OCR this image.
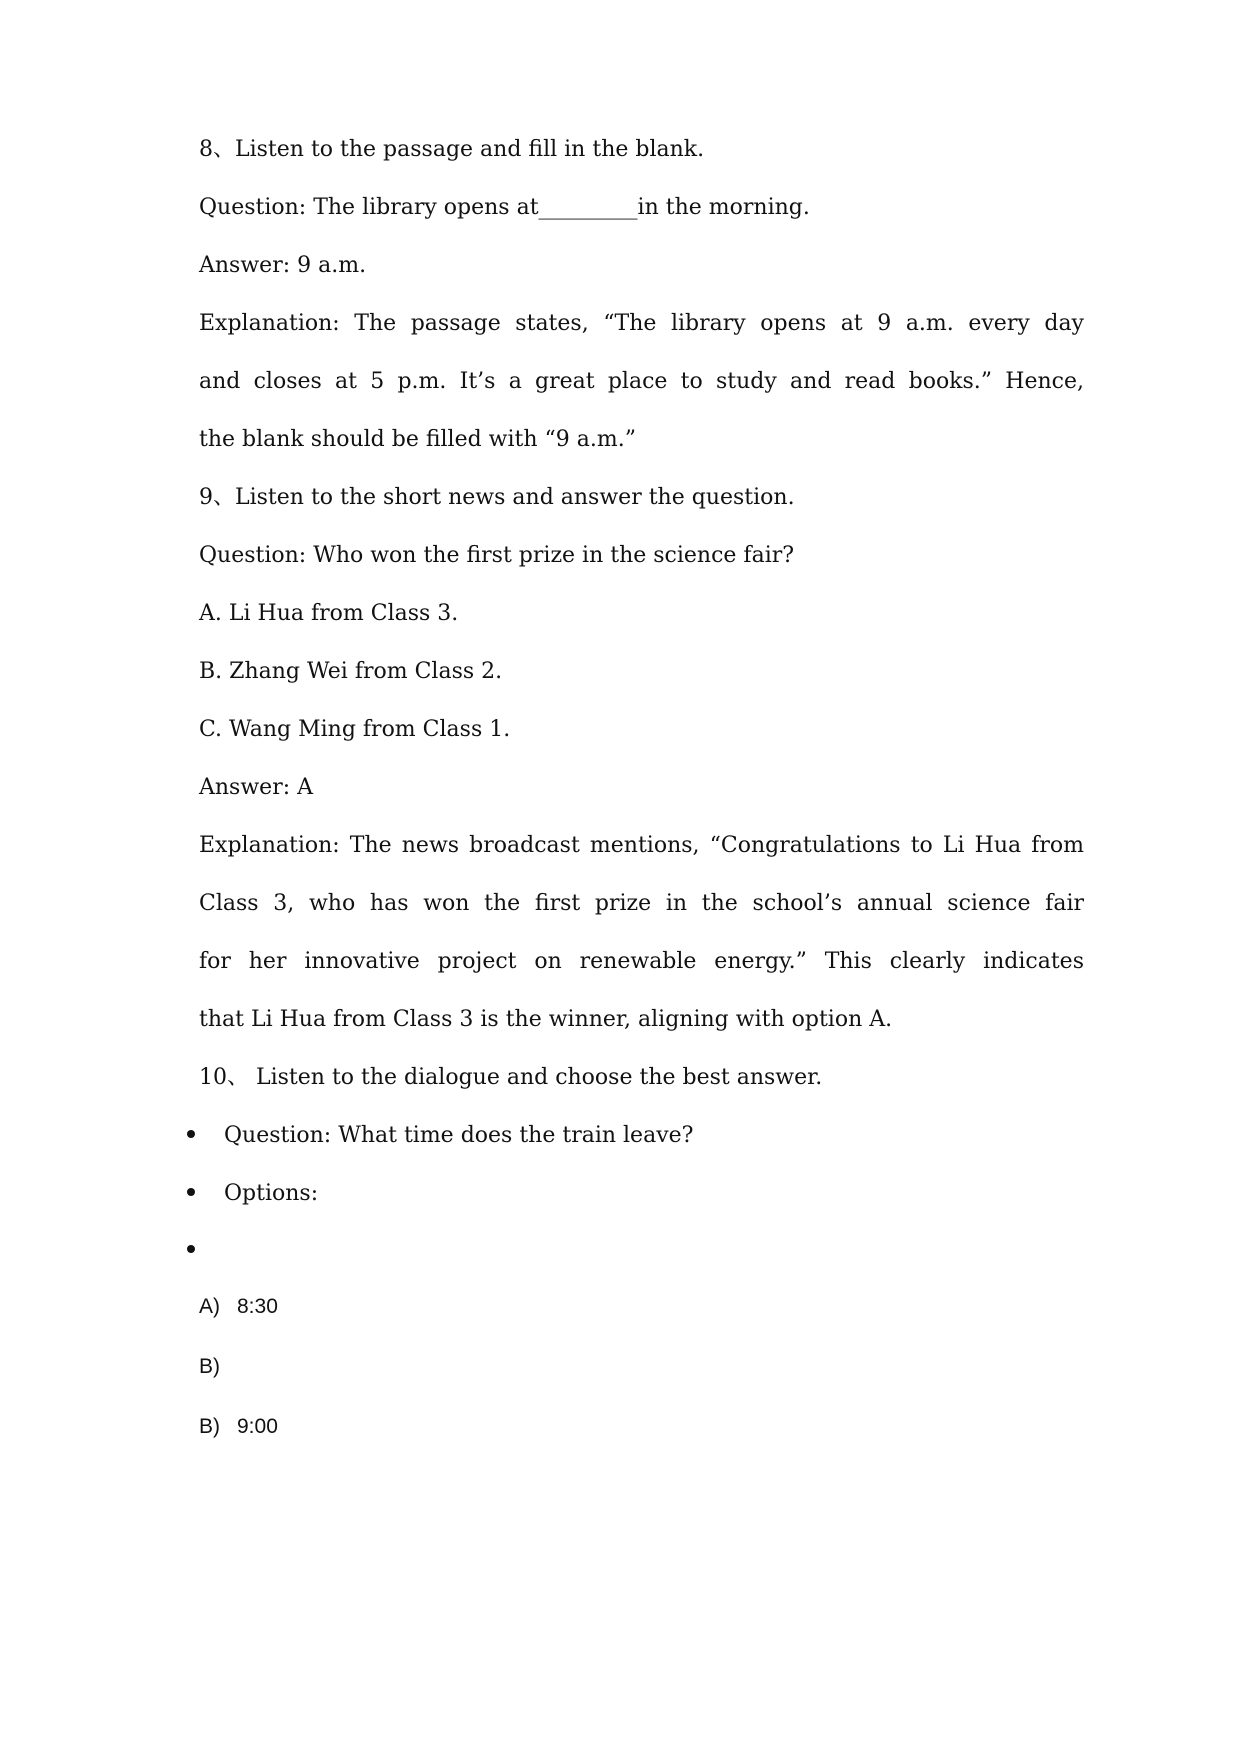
8、Listen to the passage and fill in the blank.
Question: The library opens at_________in the morning.
Answer: 9 a.m.
Explanation: The passage states, “The library opens at 9 a.m. every day
and closes at 5 p.m. It’s a great place to study and read books.” Hence,
the blank should be filled with “9 a.m.”
9、Listen to the short news and answer the question.
Question: Who won the first prize in the science fair?
A. Li Hua from Class 3.
B. Zhang Wei from Class 2.
C. Wang Ming from Class 1.
Answer: A
Explanation: The news broadcast mentions, “Congratulations to Li Hua from
Class 3, who has won the first prize in the school’s annual science fair
for her innovative project on renewable energy.” This clearly indicates
that Li Hua from Class 3 is the winner, aligning with option A.
10、 Listen to the dialogue and choose the best answer.
Question: What time does the train leave?
Options:
A) 8:30
B)
B) 9:00
